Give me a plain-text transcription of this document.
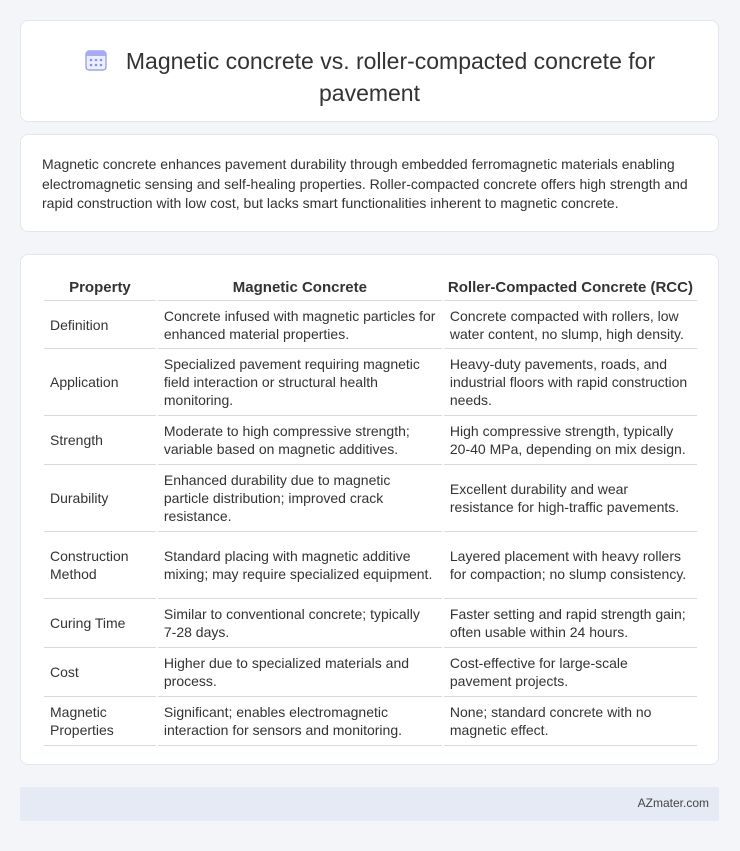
Magnetic concrete vs. roller-compacted concrete for pavement

Magnetic concrete enhances pavement durability through embedded ferromagnetic materials enabling electromagnetic sensing and self-healing properties. Roller-compacted concrete offers high strength and rapid construction with low cost, but lacks smart functionalities inherent to magnetic concrete.

Property	Magnetic Concrete	Roller-Compacted Concrete (RCC)
Definition	Concrete infused with magnetic particles for enhanced material properties.	Concrete compacted with rollers, low water content, no slump, high density.
Application	Specialized pavement requiring magnetic field interaction or structural health monitoring.	Heavy-duty pavements, roads, and industrial floors with rapid construction needs.
Strength	Moderate to high compressive strength; variable based on magnetic additives.	High compressive strength, typically 20-40 MPa, depending on mix design.
Durability	Enhanced durability due to magnetic particle distribution; improved crack resistance.	Excellent durability and wear resistance for high-traffic pavements.
Construction Method	Standard placing with magnetic additive mixing; may require specialized equipment.	Layered placement with heavy rollers for compaction; no slump consistency.
Curing Time	Similar to conventional concrete; typically 7-28 days.	Faster setting and rapid strength gain; often usable within 24 hours.
Cost	Higher due to specialized materials and process.	Cost-effective for large-scale pavement projects.
Magnetic Properties	Significant; enables electromagnetic interaction for sensors and monitoring.	None; standard concrete with no magnetic effect.
AZmater.com
